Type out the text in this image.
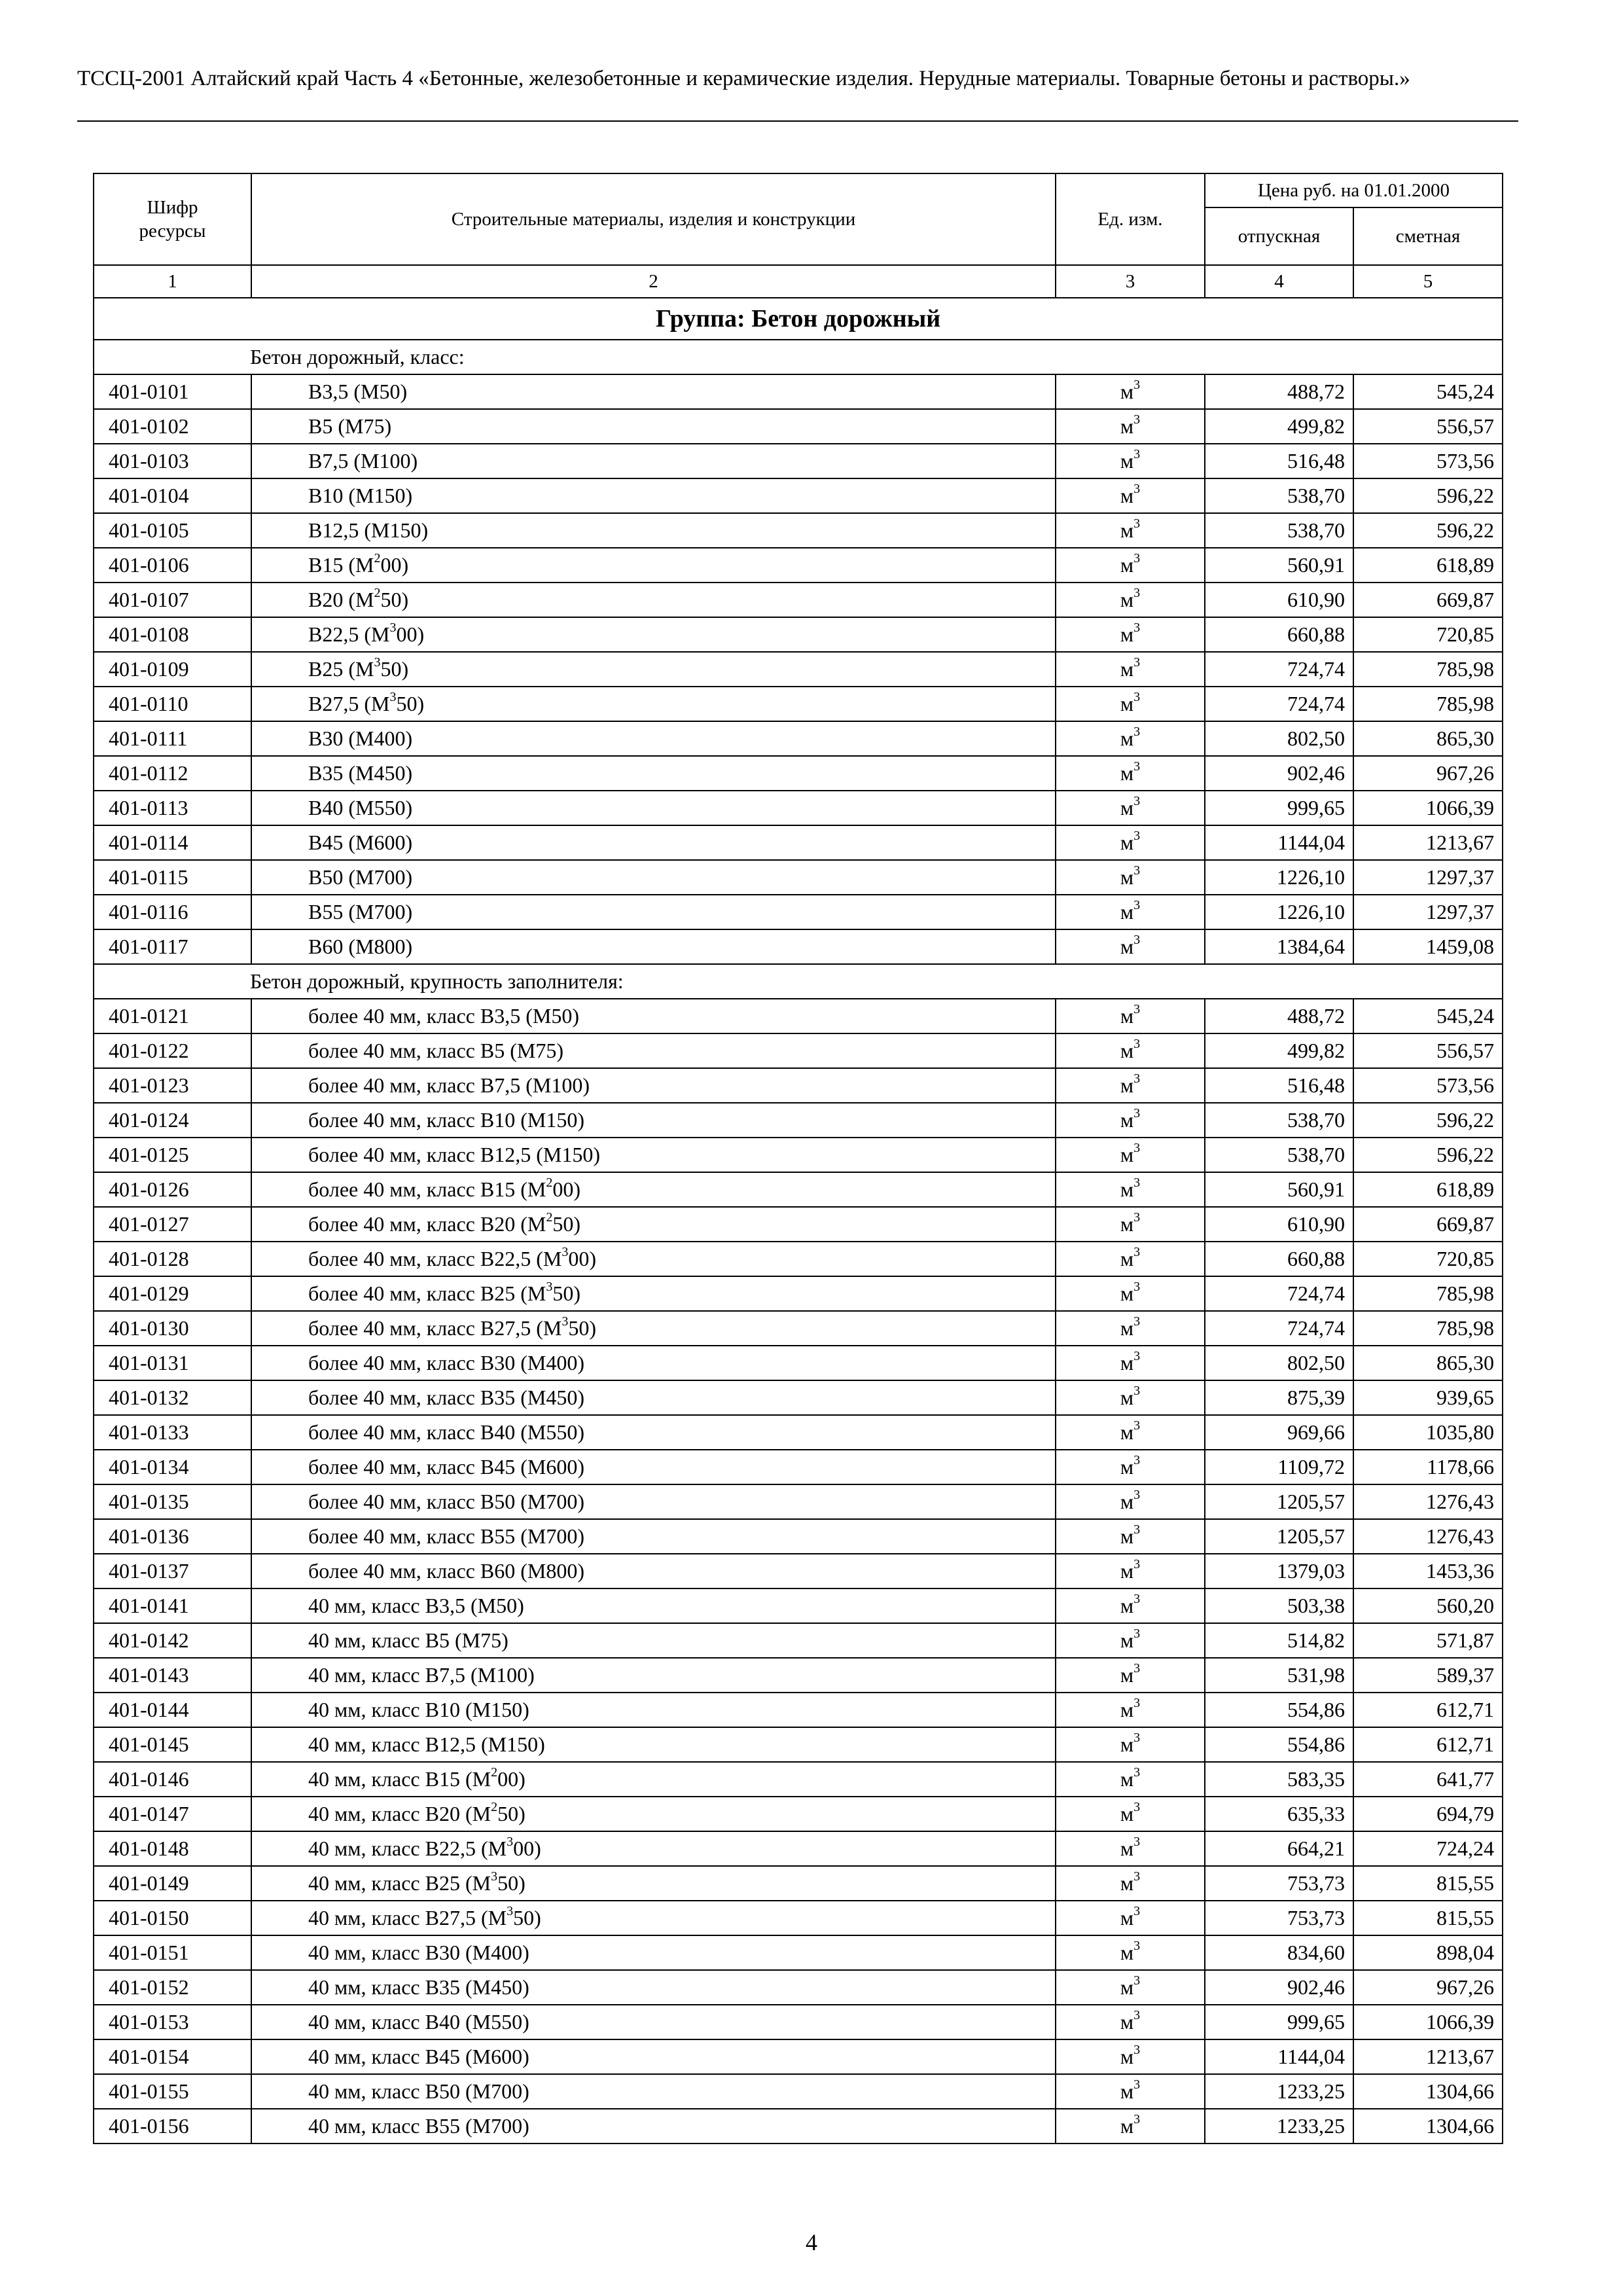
ТССЦ-2001 Алтайский край Часть 4 «Бетонные, железобетонные и керамические изделия. Нерудные материалы. Товарные бетоны и растворы.»
Шифр ресурсы	Строительные материалы, изделия и конструкции	Ед. изм.	Цена руб. на 01.01.2000	
			отпускная	сметная
1	2	3	4	5
Группа: Бетон дорожный				
Бетон дорожный, класс:				
401-0101	В3,5 (М50)	$м^3$	488,72	545,24
401-0102	В5 (М75)	$м^3$	499,82	556,57
401-0103	В7,5 (М100)	$м^3$	516,48	573,56
401-0104	В10 (М150)	$м^3$	538,70	596,22
401-0105	В12,5 (М150)	$м^3$	538,70	596,22
401-0106	В15 $(М^200)$	$м^3$	560,91	618,89
401-0107	В20 $(М^250)$	$м^3$	610,90	669,87
401-0108	В22,5 $(М^300)$	$м^3$	660,88	720,85
401-0109	В25 $(М^350)$	$м^3$	724,74	785,98
401-0110	В27,5 $(М^350)$	$м^3$	724,74	785,98
401-0111	В30 (М400)	$м^3$	802,50	865,30
401-0112	В35 (М450)	$м^3$	902,46	967,26
401-0113	В40 (М550)	$м^3$	999,65	1066,39
401-0114	В45 (М600)	$м^3$	1144,04	1213,67
401-0115	В50 (М700)	$м^3$	1226,10	1297,37
401-0116	В55 (М700)	$м^3$	1226,10	1297,37
401-0117	В60 (М800)	$м^3$	1384,64	1459,08
Бетон дорожный, крупность заполнителя:				
401-0121	более 40 мм, класс В3,5 (М50)	$м^3$	488,72	545,24
401-0122	более 40 мм, класс В5 (М75)	$м^3$	499,82	556,57
401-0123	более 40 мм, класс В7,5 (М100)	$м^3$	516,48	573,56
401-0124	более 40 мм, класс В10 (М150)	$м^3$	538,70	596,22
401-0125	более 40 мм, класс В12,5 (М150)	$м^3$	538,70	596,22
401-0126	более 40 мм, класс В15 $(М^200)$	$м^3$	560,91	618,89
401-0127	более 40 мм, класс В20 $(М^250)$	$м^3$	610,90	669,87
401-0128	более 40 мм, класс В22,5 $(М^300)$	$м^3$	660,88	720,85
401-0129	более 40 мм, класс В25 $(М^350)$	$м^3$	724,74	785,98
401-0130	более 40 мм, класс В27,5 $(М^350)$	$м^3$	724,74	785,98
401-0131	более 40 мм, класс В30 (М400)	$м^3$	802,50	865,30
401-0132	более 40 мм, класс В35 (М450)	$м^3$	875,39	939,65
401-0133	более 40 мм, класс В40 (М550)	$м^3$	969,66	1035,80
401-0134	более 40 мм, класс В45 (М600)	$м^3$	1109,72	1178,66
401-0135	более 40 мм, класс В50 (М700)	$м^3$	1205,57	1276,43
401-0136	более 40 мм, класс В55 (М700)	$м^3$	1205,57	1276,43
401-0137	более 40 мм, класс В60 (М800)	$м^3$	1379,03	1453,36
401-0141	40 мм, класс В3,5 (М50)	$м^3$	503,38	560,20
401-0142	40 мм, класс В5 (М75)	$м^3$	514,82	571,87
401-0143	40 мм, класс В7,5 (М100)	$м^3$	531,98	589,37
401-0144	40 мм, класс В10 (М150)	$м^3$	554,86	612,71
401-0145	40 мм, класс В12,5 (М150)	$м^3$	554,86	612,71
401-0146	40 мм, класс В15 $(М^200)$	$м^3$	583,35	641,77
401-0147	40 мм, класс В20 $(М^250)$	$м^3$	635,33	694,79
401-0148	40 мм, класс В22,5 $(М^300)$	$м^3$	664,21	724,24
401-0149	40 мм, класс В25 $(М^350)$	$м^3$	753,73	815,55
401-0150	40 мм, класс В27,5 $(М^350)$	$м^3$	753,73	815,55
401-0151	40 мм, класс В30 (М400)	$м^3$	834,60	898,04
401-0152	40 мм, класс В35 (М450)	$м^3$	902,46	967,26
401-0153	40 мм, класс В40 (М550)	$м^3$	999,65	1066,39
401-0154	40 мм, класс В45 (М600)	$м^3$	1144,04	1213,67
401-0155	40 мм, класс В50 (М700)	$м^3$	1233,25	1304,66
401-0156	40 мм, класс В55 (М700)	$м^3$	1233,25	1304,66
4
